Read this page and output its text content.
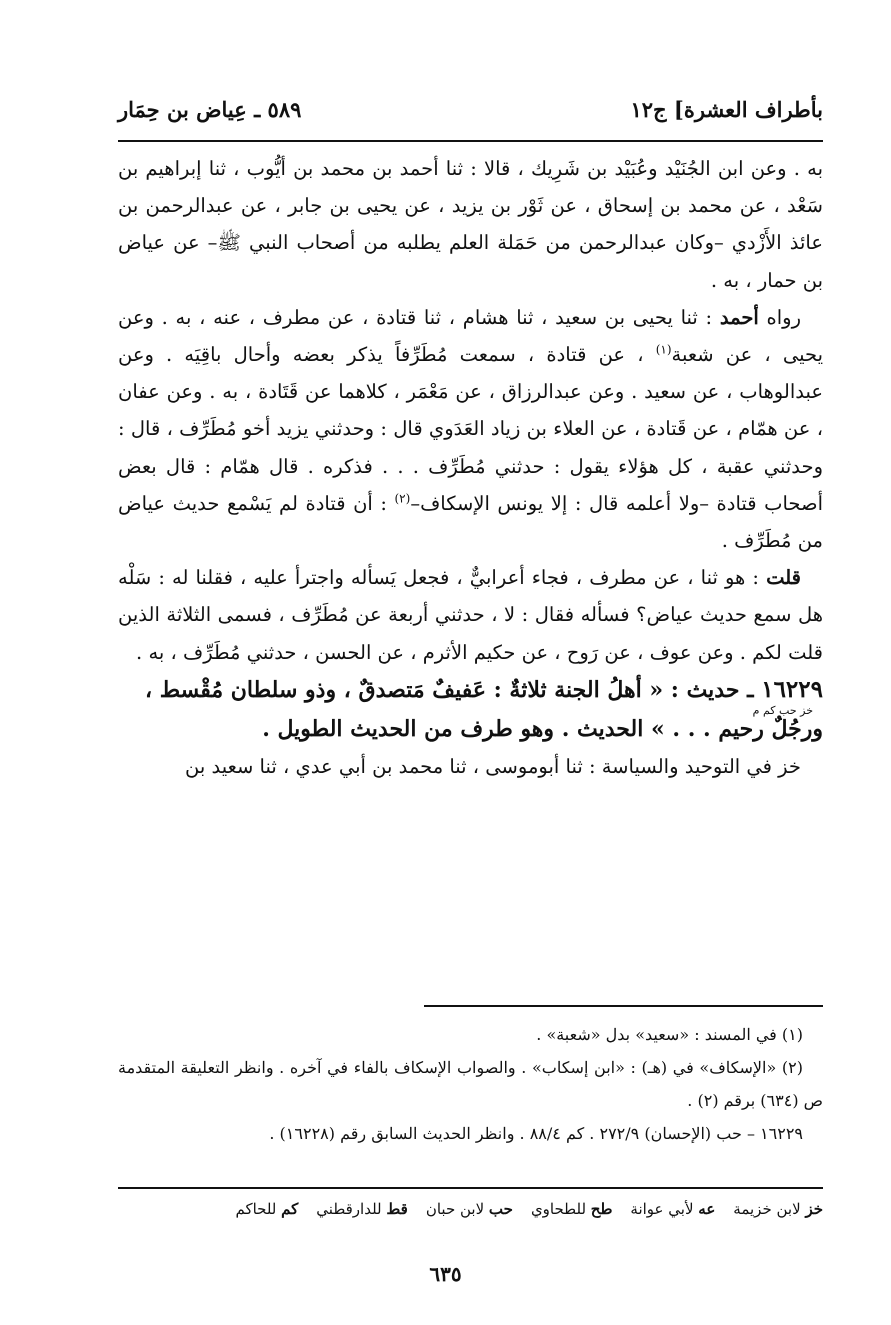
بأطراف العشرة] ج١٢
٥٨٩ ـ عِياض بن حِمَار

به . وعن ابن الجُنَيْد وعُبَيْد بن شَرِيك ، قالا : ثنا أحمد بن محمد بن أيُّوب ، ثنا إبراهيم بن سَعْد ، عن محمد بن إسحاق ، عن ثَوْر بن يزيد ، عن يحيى بن جابر ، عن عبدالرحمن بن عائذ الأَزْدي –وكان عبدالرحمن من حَمَلة العلم يطلبه من أصحاب النبي ﷺ– عن عياض بن حمار ، به .

رواه أحمد : ثنا يحيى بن سعيد ، ثنا هشام ، ثنا قتادة ، عن مطرف ، عنه ، به . وعن يحيى ، عن شعبة$^{(١)}$ ، عن قتادة ، سمعت مُطَرِّفاً يذكر بعضه وأحال باقِيَه . وعن عبدالوهاب ، عن سعيد . وعن عبدالرزاق ، عن مَعْمَر ، كلاهما عن قَتَادة ، به . وعن عفان ، عن همّام ، عن قَتادة ، عن العلاء بن زياد العَدَوي قال : وحدثني يزيد أخو مُطَرِّف ، قال : وحدثني عقبة ، كل هؤلاء يقول : حدثني مُطَرِّف . . . فذكره . قال همّام : قال بعض أصحاب قتادة –ولا أعلمه قال : إلا يونس الإسكاف–$^{(٢)}$ : أن قتادة لم يَسْمع حديث عياض من مُطَرِّف .

قلت : هو ثنا ، عن مطرف ، فجاء أعرابيٌّ ، فجعل يَسأله واجترأ عليه ، فقلنا له : سَلْه هل سمع حديث عياض؟ فسأله فقال : لا ، حدثني أربعة عن مُطَرِّف ، فسمى الثلاثة الذين قلت لكم . وعن عوف ، عن رَوح ، عن حكيم الأثرم ، عن الحسن ، حدثني مُطَرِّف ، به .

١٦٢٢٩ ـ حديث : « أهلُ الجنة ثلاثةٌ : عَفيفٌ مَتصدقٌ ، وذو سلطان مُقْسط ،
خز حب كم م
ورجُلٌ رحيم . . . » الحديث . وهو طرف من الحديث الطويل .

خز في التوحيد والسياسة : ثنا أبوموسى ، ثنا محمد بن أبي عدي ، ثنا سعيد بن

(١) في المسند : «سعيد» بدل «شعبة» .

(٢) «الإسكاف» في (هـ) : «ابن إسكاب» . والصواب الإسكاف بالفاء في آخره . وانظر التعليقة المتقدمة ص (٦٣٤) برقم (٢) .

١٦٢٢٩ – حب (الإحسان) ٢٧٢/٩ . كم ٨٨/٤ . وانظر الحديث السابق رقم (١٦٢٢٨) .

خز لابن خزيمة
عه لأبي عوانة
طح للطحاوي
حب لابن حبان
قط للدارقطني
كم للحاكم
٦٣٥
